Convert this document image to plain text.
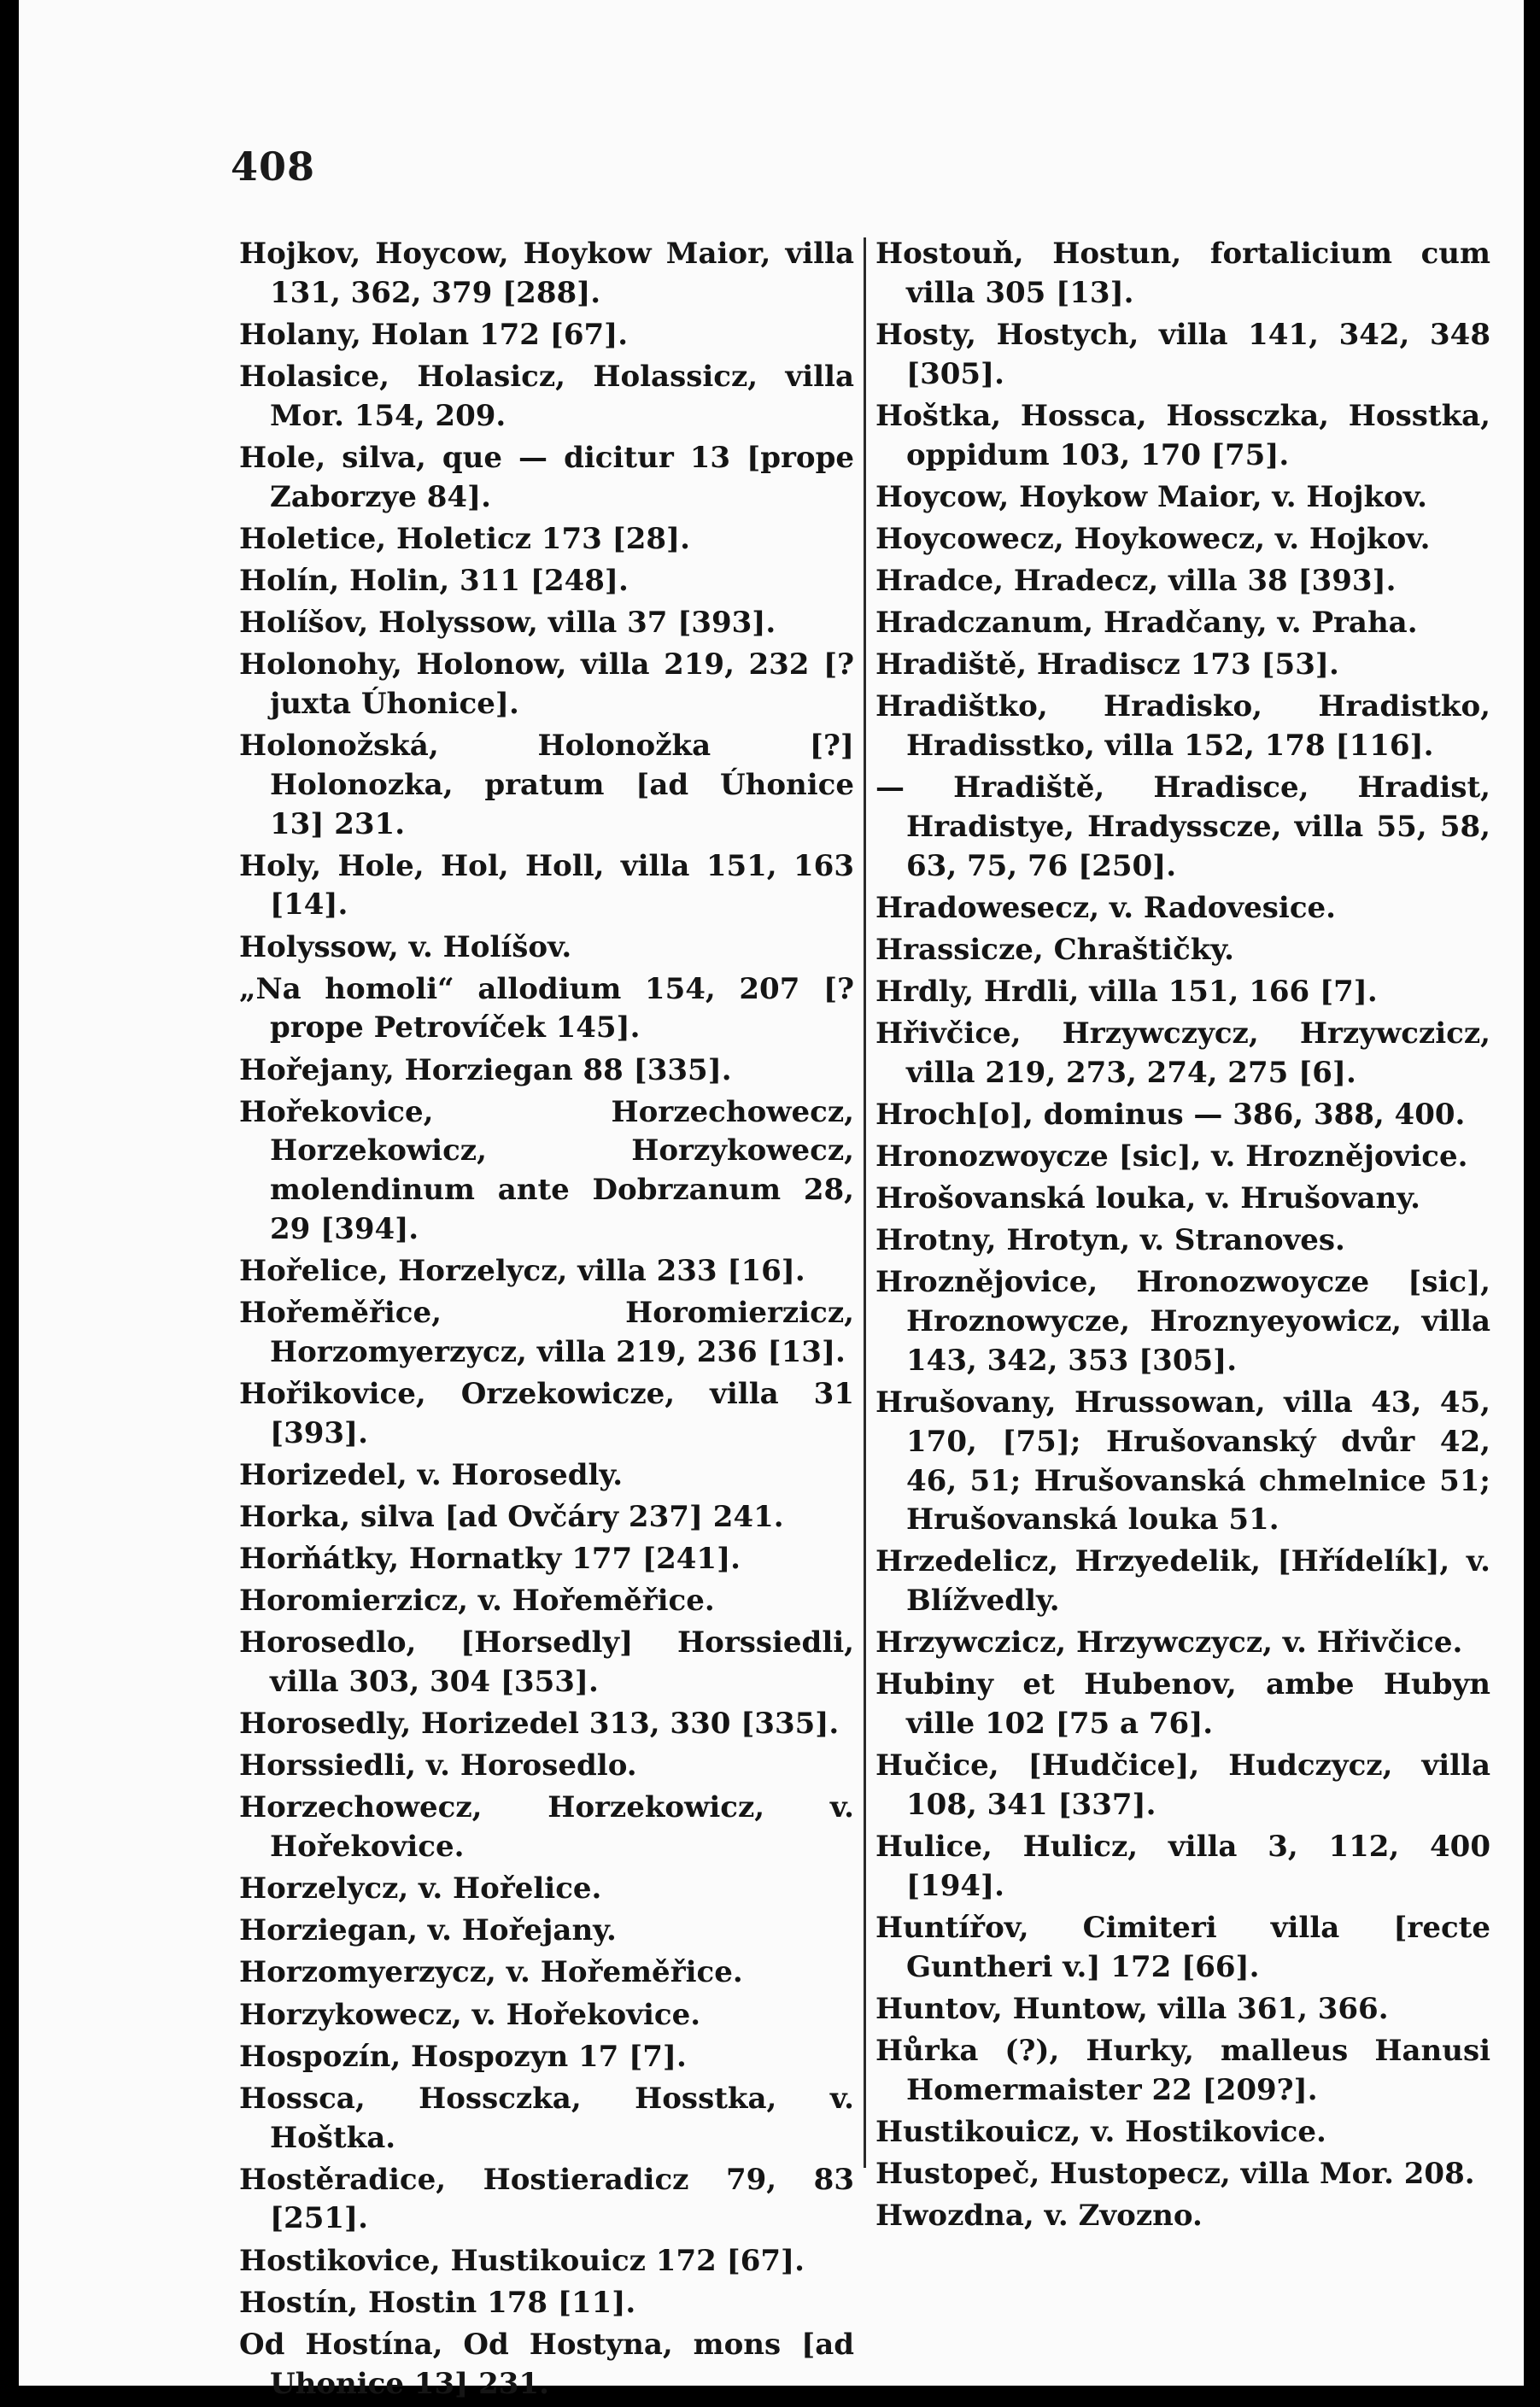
408

Hojkov, Hoycow, Hoykow Maior, villa 131, 362, 379 [288].

Holany, Holan 172 [67].

Holasice, Holasicz, Holassicz, villa Mor. 154, 209.

Hole, silva, que — dicitur 13 [prope Zaborzye 84].

Holetice, Holeticz 173 [28].

Holín, Holin, 311 [248].

Holíšov, Holyssow, villa 37 [393].

Holonohy, Holonow, villa 219, 232 [? juxta Úhonice].

Holonožská, Holonožka [?] Holonozka, pratum [ad Úhonice 13] 231.

Holy, Hole, Hol, Holl, villa 151, 163 [14].

Holyssow, v. Holíšov.

„Na homoli“ allodium 154, 207 [? prope Petrovíček 145].

Hořejany, Horziegan 88 [335].

Hořekovice, Horzechowecz, Horzekowicz, Horzykowecz, molendinum ante Dobrzanum 28, 29 [394].

Hořelice, Horzelycz, villa 233 [16].

Hořeměřice, Horomierzicz, Horzomyerzycz, villa 219, 236 [13].

Hořikovice, Orzekowicze, villa 31 [393].

Horizedel, v. Horosedly.

Horka, silva [ad Ovčáry 237] 241.

Horňátky, Hornatky 177 [241].

Horomierzicz, v. Hořeměřice.

Horosedlo, [Horsedly] Horssiedli, villa 303, 304 [353].

Horosedly, Horizedel 313, 330 [335].

Horssiedli, v. Horosedlo.

Horzechowecz, Horzekowicz, v. Hořekovice.

Horzelycz, v. Hořelice.

Horziegan, v. Hořejany.

Horzomyerzycz, v. Hořeměřice.

Horzykowecz, v. Hořekovice.

Hospozín, Hospozyn 17 [7].

Hossca, Hossczka, Hosstka, v. Hoštka.

Hostěradice, Hostieradicz 79, 83 [251].

Hostikovice, Hustikouicz 172 [67].

Hostín, Hostin 178 [11].

Od Hostína, Od Hostyna, mons [ad Uhonice 13] 231.

Hostouň, Hostun, fortalicium cum villa 305 [13].

Hosty, Hostych, villa 141, 342, 348 [305].

Hoštka, Hossca, Hossczka, Hosstka, oppidum 103, 170 [75].

Hoycow, Hoykow Maior, v. Hojkov.

Hoycowecz, Hoykowecz, v. Hojkov.

Hradce, Hradecz, villa 38 [393].

Hradczanum, Hradčany, v. Praha.

Hradiště, Hradiscz 173 [53].

Hradištko, Hradisko, Hradistko, Hradisstko, villa 152, 178 [116].

— Hradiště, Hradisce, Hradist, Hradistye, Hradysscze, villa 55, 58, 63, 75, 76 [250].

Hradowesecz, v. Radovesice.

Hrassicze, Chraštičky.

Hrdly, Hrdli, villa 151, 166 [7].

Hřivčice, Hrzywczycz, Hrzywczicz, villa 219, 273, 274, 275 [6].

Hroch[o], dominus — 386, 388, 400.

Hronozwoycze [sic], v. Hroznějovice.

Hrošovanská louka, v. Hrušovany.

Hrotny, Hrotyn, v. Stranoves.

Hroznějovice, Hronozwoycze [sic], Hroznowycze, Hroznyeyowicz, villa 143, 342, 353 [305].

Hrušovany, Hrussowan, villa 43, 45, 170, [75]; Hrušovanský dvůr 42, 46, 51; Hrušovanská chmelnice 51; Hrušovanská louka 51.

Hrzedelicz, Hrzyedelik, [Hřídelík], v. Blížvedly.

Hrzywczicz, Hrzywczycz, v. Hřivčice.

Hubiny et Hubenov, ambe Hubyn ville 102 [75 a 76].

Hučice, [Hudčice], Hudczycz, villa 108, 341 [337].

Hulice, Hulicz, villa 3, 112, 400 [194].

Huntířov, Cimiteri villa [recte Guntheri v.] 172 [66].

Huntov, Huntow, villa 361, 366.

Hůrka (?), Hurky, malleus Hanusi Homermaister 22 [209?].

Hustikouicz, v. Hostikovice.

Hustopeč, Hustopecz, villa Mor. 208.

Hwozdna, v. Zvozno.
